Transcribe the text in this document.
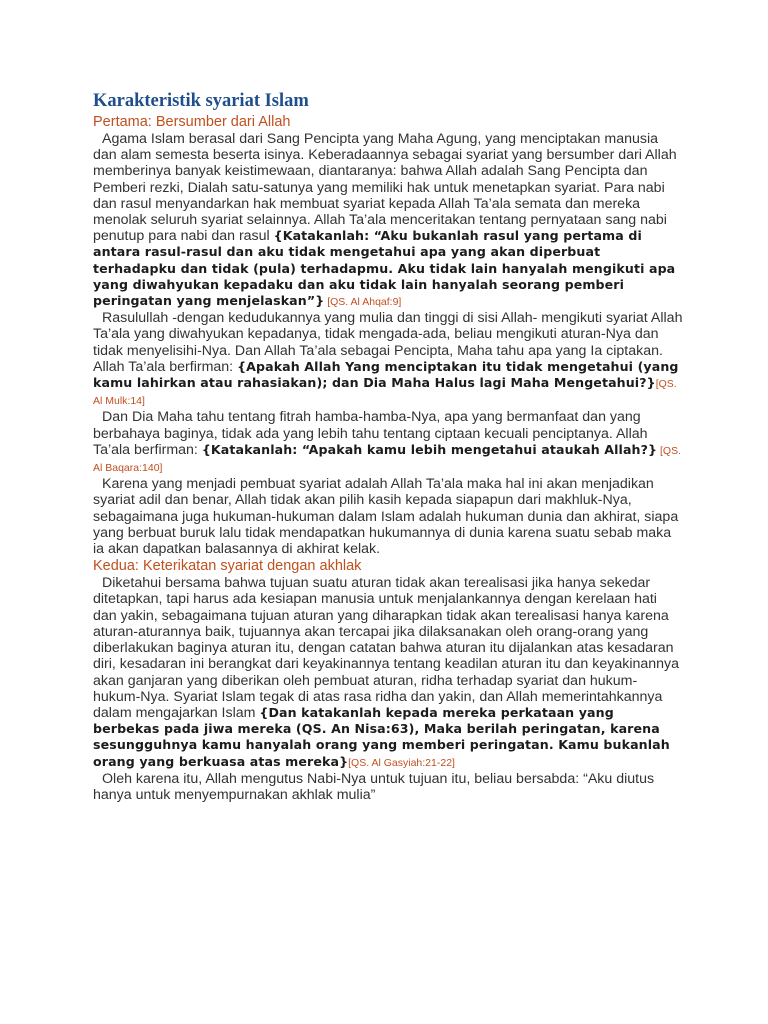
Karakteristik syariat Islam
Pertama: Bersumber dari Allah

Agama Islam berasal dari Sang Pencipta yang Maha Agung, yang menciptakan manusia dan alam semesta beserta isinya. Keberadaannya sebagai syariat yang bersumber dari Allah memberinya banyak keistimewaan, diantaranya: bahwa Allah adalah Sang Pencipta dan Pemberi rezki, Dialah satu-satunya yang memiliki hak untuk menetapkan syariat. Para nabi dan rasul menyandarkan hak membuat syariat kepada Allah Ta’ala semata dan mereka menolak seluruh syariat selainnya. Allah Ta’ala menceritakan tentang pernyataan sang nabi penutup para nabi dan rasul {Katakanlah: “Aku bukanlah rasul yang pertama di antara rasul-rasul dan aku tidak mengetahui apa yang akan diperbuat terhadapku dan tidak (pula) terhadapmu. Aku tidak lain hanyalah mengikuti apa yang diwahyukan kepadaku dan aku tidak lain hanyalah seorang pemberi peringatan yang menjelaskan”} [QS. Al Ahqaf:9]

Rasulullah -dengan kedudukannya yang mulia dan tinggi di sisi Allah- mengikuti syariat Allah Ta’ala yang diwahyukan kepadanya, tidak mengada-ada, beliau mengikuti aturan-Nya dan tidak menyelisihi-Nya. Dan Allah Ta’ala sebagai Pencipta, Maha tahu apa yang Ia ciptakan. Allah Ta’ala berfirman: {Apakah Allah Yang menciptakan itu tidak mengetahui (yang kamu lahirkan atau rahasiakan); dan Dia Maha Halus lagi Maha Mengetahui?}[QS. Al Mulk:14]

Dan Dia Maha tahu tentang fitrah hamba-hamba-Nya, apa yang bermanfaat dan yang berbahaya baginya, tidak ada yang lebih tahu tentang ciptaan kecuali penciptanya. Allah Ta’ala berfirman: {Katakanlah: “Apakah kamu lebih mengetahui ataukah Allah?} [QS. Al Baqara:140]

Karena yang menjadi pembuat syariat adalah Allah Ta’ala maka hal ini akan menjadikan syariat adil dan benar, Allah tidak akan pilih kasih kepada siapapun dari makhluk-Nya, sebagaimana juga hukuman-hukuman dalam Islam adalah hukuman dunia dan akhirat, siapa yang berbuat buruk lalu tidak mendapatkan hukumannya di dunia karena suatu sebab maka ia akan dapatkan balasannya di akhirat kelak.

Kedua: Keterikatan syariat dengan akhlak

Diketahui bersama bahwa tujuan suatu aturan tidak akan terealisasi jika hanya sekedar ditetapkan, tapi harus ada kesiapan manusia untuk menjalankannya dengan kerelaan hati dan yakin, sebagaimana tujuan aturan yang diharapkan tidak akan terealisasi hanya karena aturan-aturannya baik, tujuannya akan tercapai jika dilaksanakan oleh orang-orang yang diberlakukan baginya aturan itu, dengan catatan bahwa aturan itu dijalankan atas kesadaran diri, kesadaran ini berangkat dari keyakinannya tentang keadilan aturan itu dan keyakinannya akan ganjaran yang diberikan oleh pembuat aturan, ridha terhadap syariat dan hukum-hukum-Nya. Syariat Islam tegak di atas rasa ridha dan yakin, dan Allah memerintahkannya dalam mengajarkan Islam {Dan katakanlah kepada mereka perkataan yang berbekas pada jiwa mereka (QS. An Nisa:63), Maka berilah peringatan, karena sesungguhnya kamu hanyalah orang yang memberi peringatan. Kamu bukanlah orang yang berkuasa atas mereka}[QS. Al Gasyiah:21-22]

Oleh karena itu, Allah mengutus Nabi-Nya untuk tujuan itu, beliau bersabda: “Aku diutus hanya untuk menyempurnakan akhlak mulia”
